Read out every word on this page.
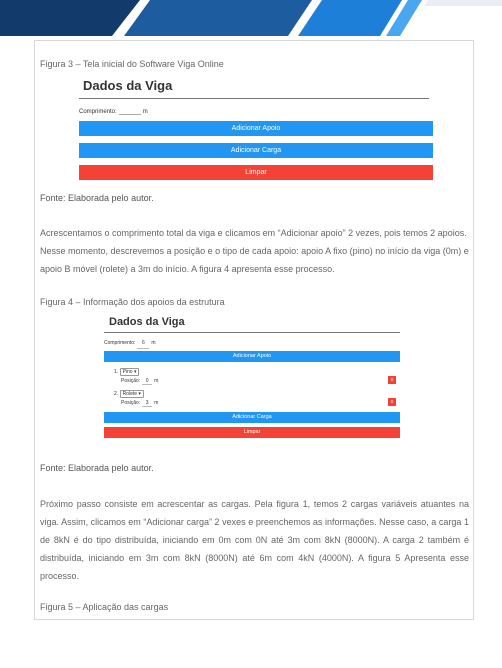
Figura 3 – Tela inicial do Software Viga Online
Dados da Viga
Comprimento:	m
Adicionar Apoio
Adicionar Carga
Limpar
Fonte: Elaborada pelo autor.
Acrescentamos o comprimento total da viga e clicamos em “Adicionar apoio” 2 vezes, pois temos 2 apoios. Nesse momento, descrevemos a posição e o tipo de cada apoio: apoio A fixo (pino) no início da viga (0m) e apoio B móvel (rolete) a 3m do início. A figura 4 apresenta esse processo.
Figura 4 – Informação dos apoios da estrutura
Dados da Viga
Comprimento: 6 m
Adicionar Apoio
1. Pino ▾
Posição: 0 m	x
2. Rolete ▾
Posição: 3 m	x
Adicionar Carga
Limpar
Fonte: Elaborada pelo autor.
Próximo passo consiste em acrescentar as cargas. Pela figura 1, temos 2 cargas variáveis atuantes na viga. Assim, clicamos em “Adicionar carga” 2 vexes e preenchemos as informações. Nesse caso, a carga 1 de 8kN é do tipo distribuída, iniciando em 0m com 0N até 3m com 8kN (8000N). A carga 2 também é distribuída, iniciando em 3m com 8kN (8000N) até 6m com 4kN (4000N). A figura 5 Apresenta esse processo.
Figura 5 – Aplicação das cargas
